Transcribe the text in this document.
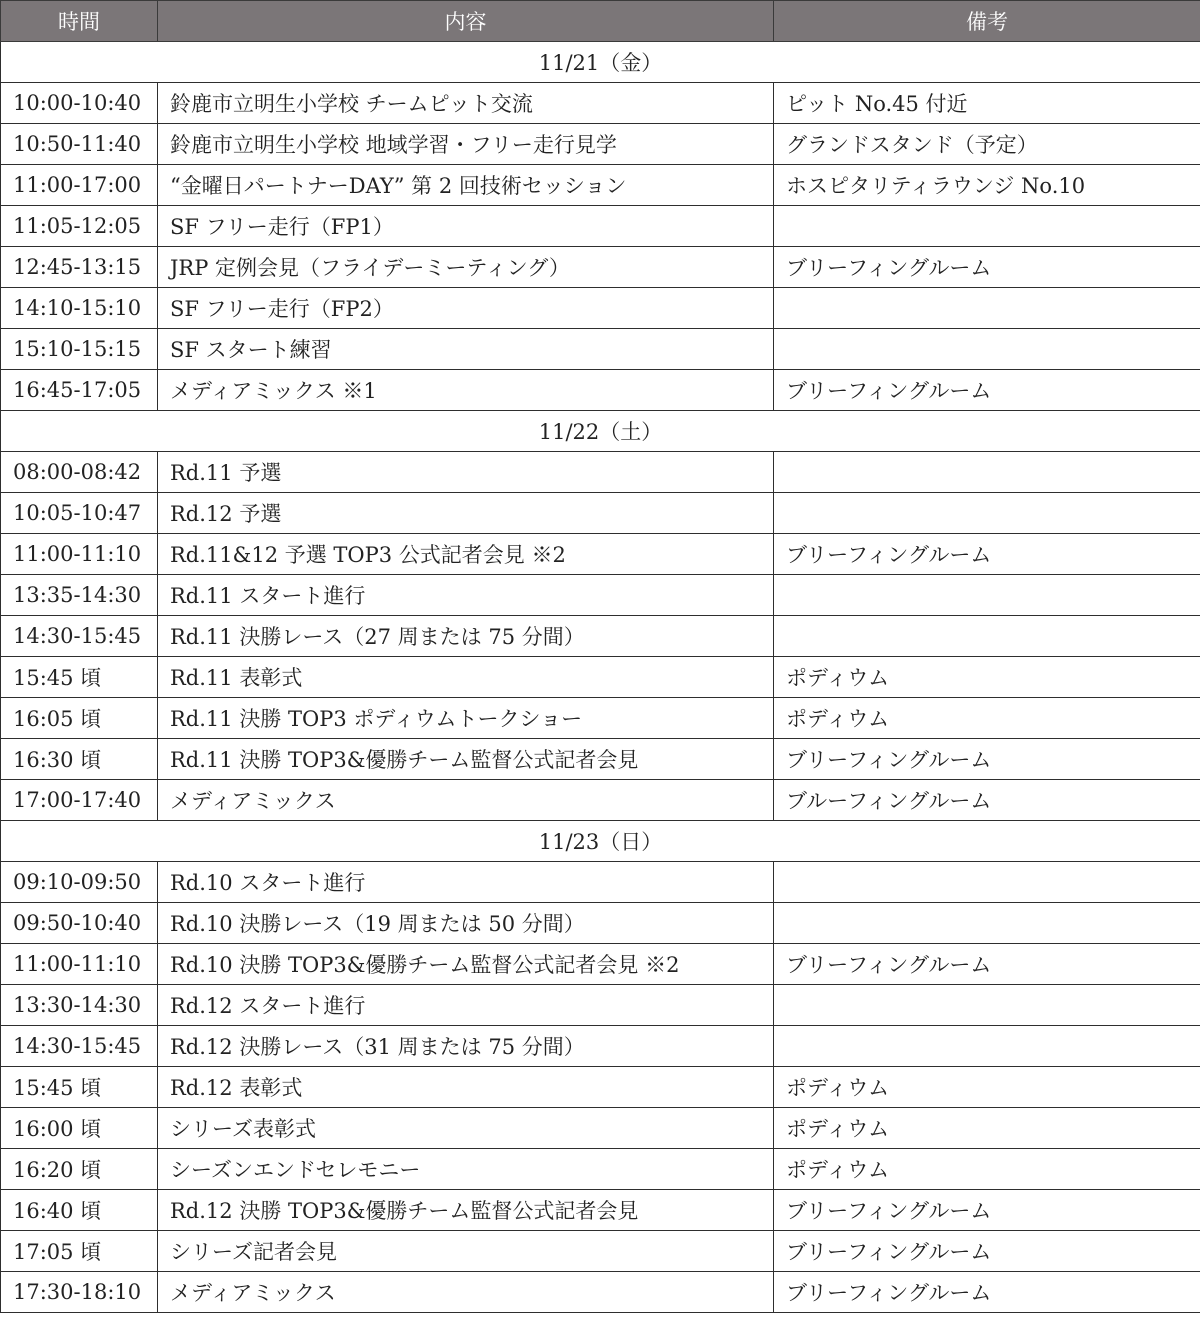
時間	内容	備考
11/21（金）		
10:00-10:40	鈴鹿市立明生小学校 チームピット交流	ピット No.45 付近
10:50-11:40	鈴鹿市立明生小学校 地域学習・フリー走行見学	グランドスタンド（予定）
11:00-17:00	“金曜日パートナーDAY” 第 2 回技術セッション	ホスピタリティラウンジ No.10
11:05-12:05	SF フリー走行（FP1）	
12:45-13:15	JRP 定例会見（フライデーミーティング）	ブリーフィングルーム
14:10-15:10	SF フリー走行（FP2）	
15:10-15:15	SF スタート練習	
16:45-17:05	メディアミックス ※1	ブリーフィングルーム
11/22（土）		
08:00-08:42	Rd.11 予選	
10:05-10:47	Rd.12 予選	
11:00-11:10	Rd.11&12 予選 TOP3 公式記者会見 ※2	ブリーフィングルーム
13:35-14:30	Rd.11 スタート進行	
14:30-15:45	Rd.11 決勝レース（27 周または 75 分間）	
15:45 頃	Rd.11 表彰式	ポディウム
16:05 頃	Rd.11 決勝 TOP3 ポディウムトークショー	ポディウム
16:30 頃	Rd.11 決勝 TOP3&優勝チーム監督公式記者会見	ブリーフィングルーム
17:00-17:40	メディアミックス	ブルーフィングルーム
11/23（日）		
09:10-09:50	Rd.10 スタート進行	
09:50-10:40	Rd.10 決勝レース（19 周または 50 分間）	
11:00-11:10	Rd.10 決勝 TOP3&優勝チーム監督公式記者会見 ※2	ブリーフィングルーム
13:30-14:30	Rd.12 スタート進行	
14:30-15:45	Rd.12 決勝レース（31 周または 75 分間）	
15:45 頃	Rd.12 表彰式	ポディウム
16:00 頃	シリーズ表彰式	ポディウム
16:20 頃	シーズンエンドセレモニー	ポディウム
16:40 頃	Rd.12 決勝 TOP3&優勝チーム監督公式記者会見	ブリーフィングルーム
17:05 頃	シリーズ記者会見	ブリーフィングルーム
17:30-18:10	メディアミックス	ブリーフィングルーム
